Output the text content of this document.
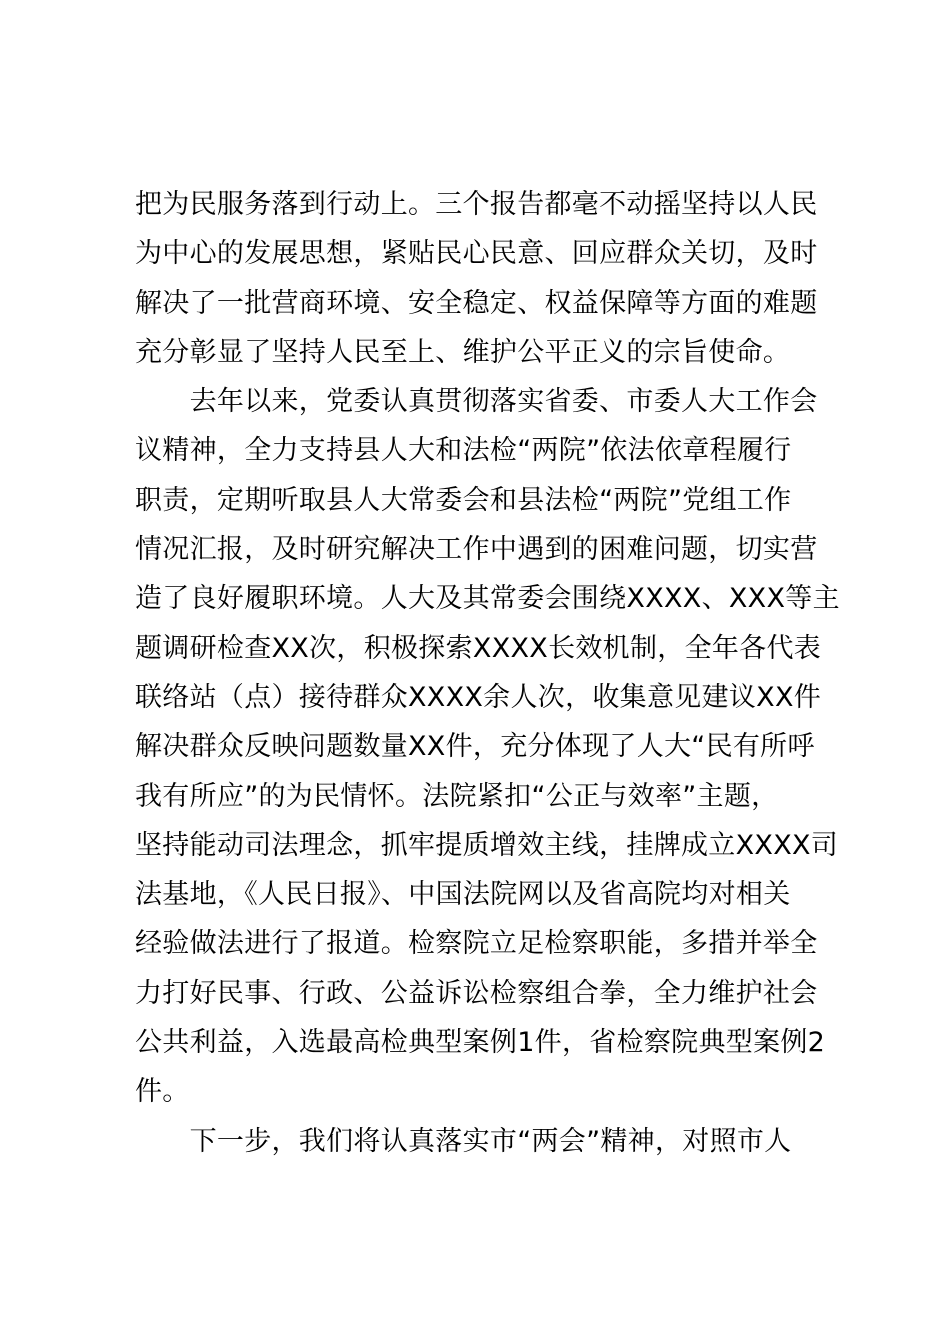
把为民服务落到行动上。三个报告都毫不动摇坚持以人民
为中心的发展思想，紧贴民心民意、回应群众关切，及时
解决了一批营商环境、安全稳定、权益保障等方面的难题
充分彰显了坚持人民至上、维护公平正义的宗旨使命。
　　去年以来，党委认真贯彻落实省委、市委人大工作会
议精神，全力支持县人大和法检“两院”依法依章程履行
职责，定期听取县人大常委会和县法检“两院”党组工作
情况汇报，及时研究解决工作中遇到的困难问题，切实营
造了良好履职环境。人大及其常委会围绕XXXX、XXX等主
题调研检查XX次，积极探索XXXX长效机制，全年各代表
联络站（点）接待群众XXXX余人次，收集意见建议XX件
解决群众反映问题数量XX件，充分体现了人大“民有所呼
我有所应”的为民情怀。法院紧扣“公正与效率”主题，
坚持能动司法理念，抓牢提质增效主线，挂牌成立XXXX司
法基地，《人民日报》、中国法院网以及省高院均对相关
经验做法进行了报道。检察院立足检察职能，多措并举全
力打好民事、行政、公益诉讼检察组合拳，全力维护社会
公共利益，入选最高检典型案例1件，省检察院典型案例2
件。
　　下一步，我们将认真落实市“两会”精神，对照市人
